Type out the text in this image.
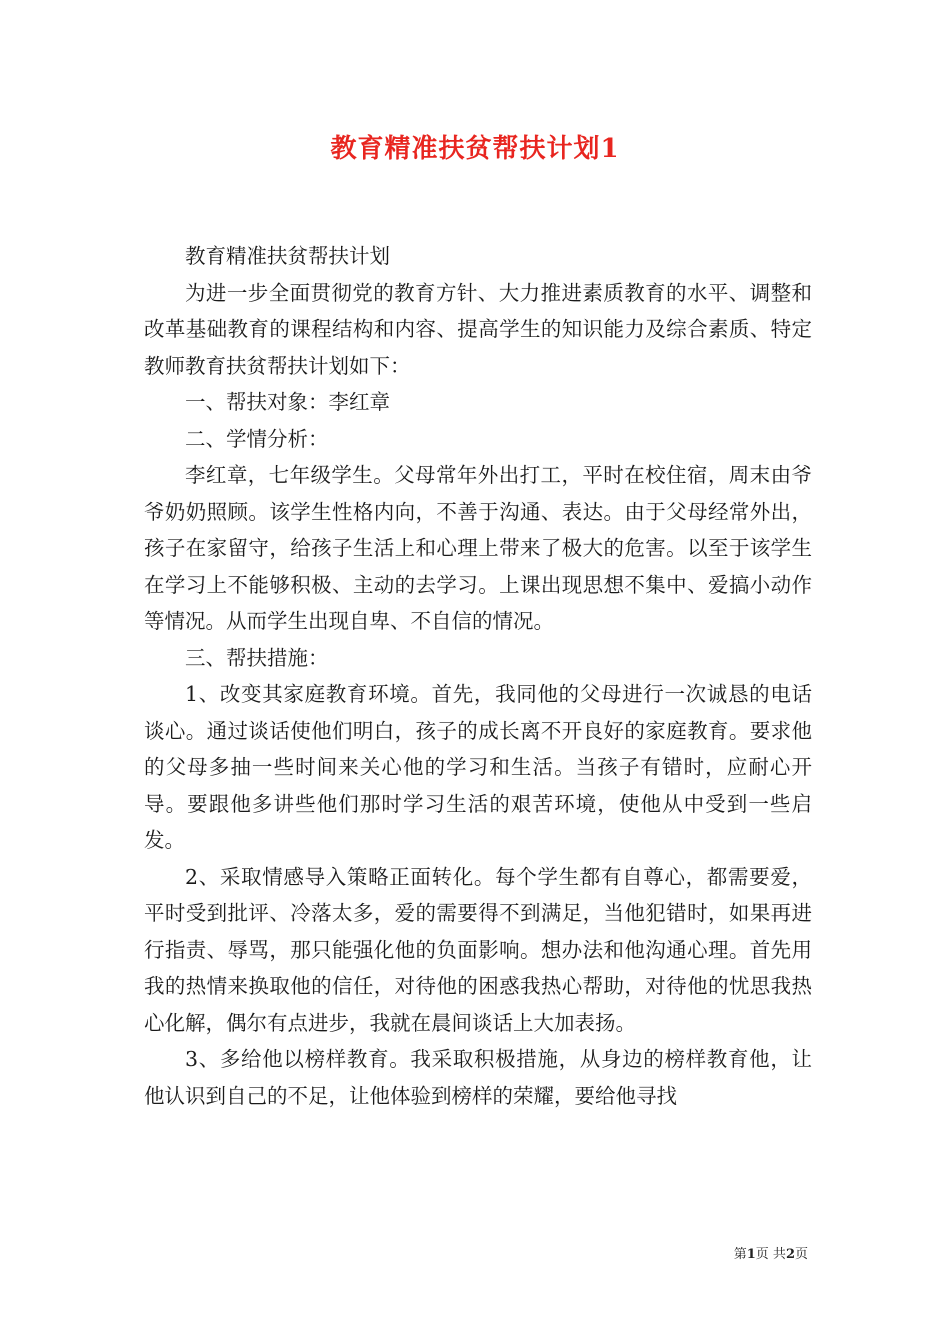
教育精准扶贫帮扶计划1

教育精准扶贫帮扶计划

为进一步全面贯彻党的教育方针、大力推进素质教育的水平、调整和改革基础教育的课程结构和内容、提高学生的知识能力及综合素质、特定教师教育扶贫帮扶计划如下：

一、帮扶对象：李红章

二、学情分析：

李红章，七年级学生。父母常年外出打工，平时在校住宿，周末由爷爷奶奶照顾。该学生性格内向，不善于沟通、表达。由于父母经常外出，孩子在家留守，给孩子生活上和心理上带来了极大的危害。以至于该学生在学习上不能够积极、主动的去学习。上课出现思想不集中、爱搞小动作等情况。从而学生出现自卑、不自信的情况。

三、帮扶措施：

1、改变其家庭教育环境。首先，我同他的父母进行一次诚恳的电话谈心。通过谈话使他们明白，孩子的成长离不开良好的家庭教育。要求他的父母多抽一些时间来关心他的学习和生活。当孩子有错时，应耐心开导。要跟他多讲些他们那时学习生活的艰苦环境，使他从中受到一些启发。

2、采取情感导入策略正面转化。每个学生都有自尊心，都需要爱，平时受到批评、冷落太多，爱的需要得不到满足，当他犯错时，如果再进行指责、辱骂，那只能强化他的负面影响。想办法和他沟通心理。首先用我的热情来换取他的信任，对待他的困惑我热心帮助，对待他的忧思我热心化解，偶尔有点进步，我就在晨间谈话上大加表扬。

3、多给他以榜样教育。我采取积极措施，从身边的榜样教育他，让他认识到自己的不足，让他体验到榜样的荣耀，要给他寻找

第1页 共2页
